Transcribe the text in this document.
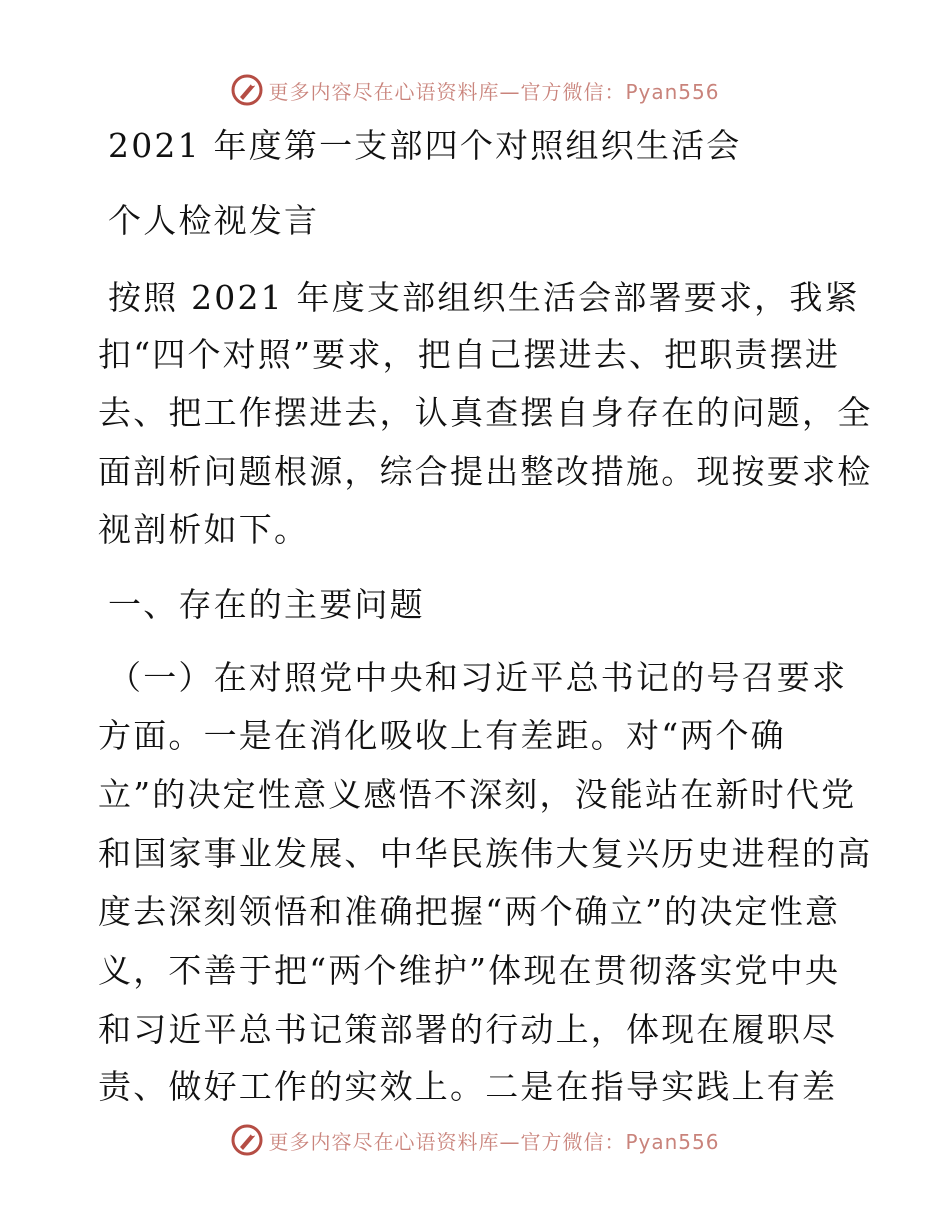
更多内容尽在心语资料库—官方微信：Pyan556
2021 年度第一支部四个对照组织生活会
个人检视发言
按照 2021 年度支部组织生活会部署要求，我紧
扣“四个对照”要求，把自己摆进去、把职责摆进
去、把工作摆进去，认真查摆自身存在的问题，全
面剖析问题根源，综合提出整改措施。现按要求检
视剖析如下。
一、存在的主要问题
（一）在对照党中央和习近平总书记的号召要求
方面。一是在消化吸收上有差距。对“两个确
立”的决定性意义感悟不深刻，没能站在新时代党
和国家事业发展、中华民族伟大复兴历史进程的高
度去深刻领悟和准确把握“两个确立”的决定性意
义，不善于把“两个维护”体现在贯彻落实党中央
和习近平总书记策部署的行动上，体现在履职尽
责、做好工作的实效上。二是在指导实践上有差
更多内容尽在心语资料库—官方微信：Pyan556
